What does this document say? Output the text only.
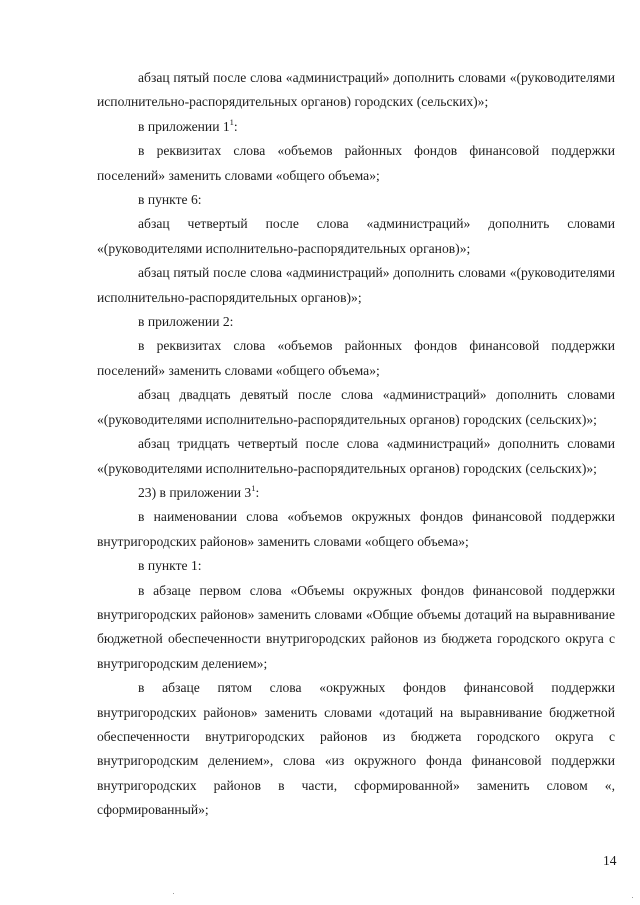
абзац пятый после слова «администраций» дополнить словами «(руководителями исполнительно-распорядительных органов) городских (сельских)»;

в приложении $1^1$:

в реквизитах слова «объемов районных фондов финансовой поддержки поселений» заменить словами «общего объема»;

в пункте 6:

абзац четвертый после слова «администраций» дополнить словами «(руководителями исполнительно-распорядительных органов)»;

абзац пятый после слова «администраций» дополнить словами «(руководителями исполнительно-распорядительных органов)»;

в приложении 2:

в реквизитах слова «объемов районных фондов финансовой поддержки поселений» заменить словами «общего объема»;

абзац двадцать девятый после слова «администраций» дополнить словами «(руководителями исполнительно-распорядительных органов) городских (сельских)»;

абзац тридцать четвертый после слова «администраций» дополнить словами «(руководителями исполнительно-распорядительных органов) городских (сельских)»;

23) в приложении $3^1$:

в наименовании слова «объемов окружных фондов финансовой поддержки внутригородских районов» заменить словами «общего объема»;

в пункте 1:

в абзаце первом слова «Объемы окружных фондов финансовой поддержки внутригородских районов» заменить словами «Общие объемы дотаций на выравнивание бюджетной обеспеченности внутригородских районов из бюджета городского округа с внутригородским делением»;

в абзаце пятом слова «окружных фондов финансовой поддержки внутригородских районов» заменить словами «дотаций на выравнивание бюджетной обеспеченности внутригородских районов из бюджета городского округа с внутригородским делением», слова «из окружного фонда финансовой поддержки внутригородских районов в части, сформированной» заменить словом «, сформированный»;

14
